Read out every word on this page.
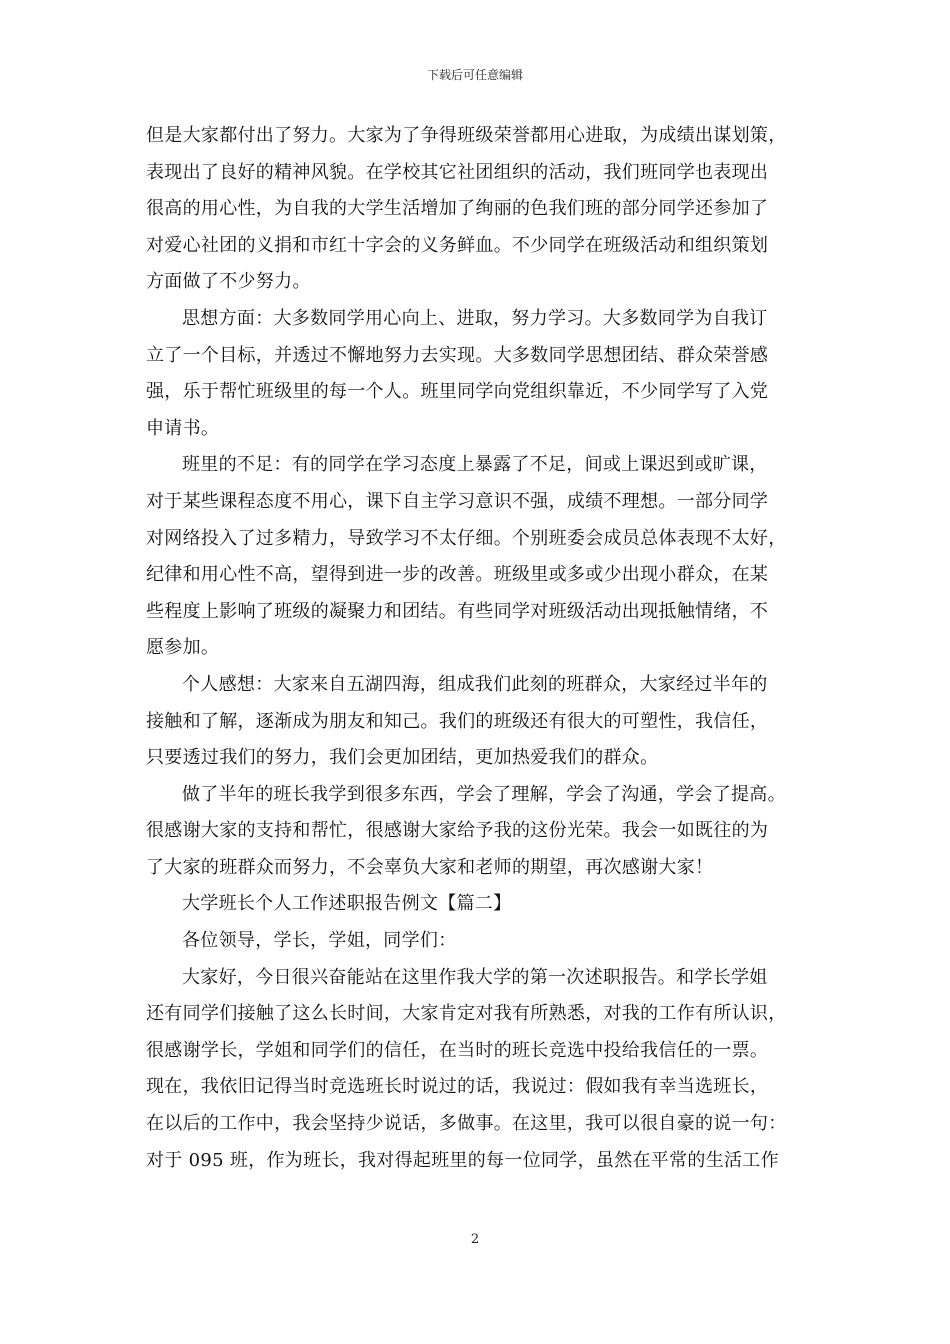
下载后可任意编辑
但是大家都付出了努力。大家为了争得班级荣誉都用心进取，为成绩出谋划策，
表现出了良好的精神风貌。在学校其它社团组织的活动，我们班同学也表现出
很高的用心性，为自我的大学生活增加了绚丽的色我们班的部分同学还参加了
对爱心社团的义捐和市红十字会的义务鲜血。不少同学在班级活动和组织策划
方面做了不少努力。
思想方面：大多数同学用心向上、进取，努力学习。大多数同学为自我订
立了一个目标，并透过不懈地努力去实现。大多数同学思想团结、群众荣誉感
强，乐于帮忙班级里的每一个人。班里同学向党组织靠近，不少同学写了入党
申请书。
班里的不足：有的同学在学习态度上暴露了不足，间或上课迟到或旷课，
对于某些课程态度不用心，课下自主学习意识不强，成绩不理想。一部分同学
对网络投入了过多精力，导致学习不太仔细。个别班委会成员总体表现不太好，
纪律和用心性不高，望得到进一步的改善。班级里或多或少出现小群众，在某
些程度上影响了班级的凝聚力和团结。有些同学对班级活动出现抵触情绪，不
愿参加。
个人感想：大家来自五湖四海，组成我们此刻的班群众，大家经过半年的
接触和了解，逐渐成为朋友和知己。我们的班级还有很大的可塑性，我信任，
只要透过我们的努力，我们会更加团结，更加热爱我们的群众。
做了半年的班长我学到很多东西，学会了理解，学会了沟通，学会了提高。
很感谢大家的支持和帮忙，很感谢大家给予我的这份光荣。我会一如既往的为
了大家的班群众而努力，不会辜负大家和老师的期望，再次感谢大家！
大学班长个人工作述职报告例文【篇二】
各位领导，学长，学姐，同学们：
大家好，今日很兴奋能站在这里作我大学的第一次述职报告。和学长学姐
还有同学们接触了这么长时间，大家肯定对我有所熟悉，对我的工作有所认识，
很感谢学长，学姐和同学们的信任，在当时的班长竞选中投给我信任的一票。
现在，我依旧记得当时竞选班长时说过的话，我说过：假如我有幸当选班长，
在以后的工作中，我会坚持少说话，多做事。在这里，我可以很自豪的说一句：
对于 095 班，作为班长，我对得起班里的每一位同学，虽然在平常的生活工作
2
